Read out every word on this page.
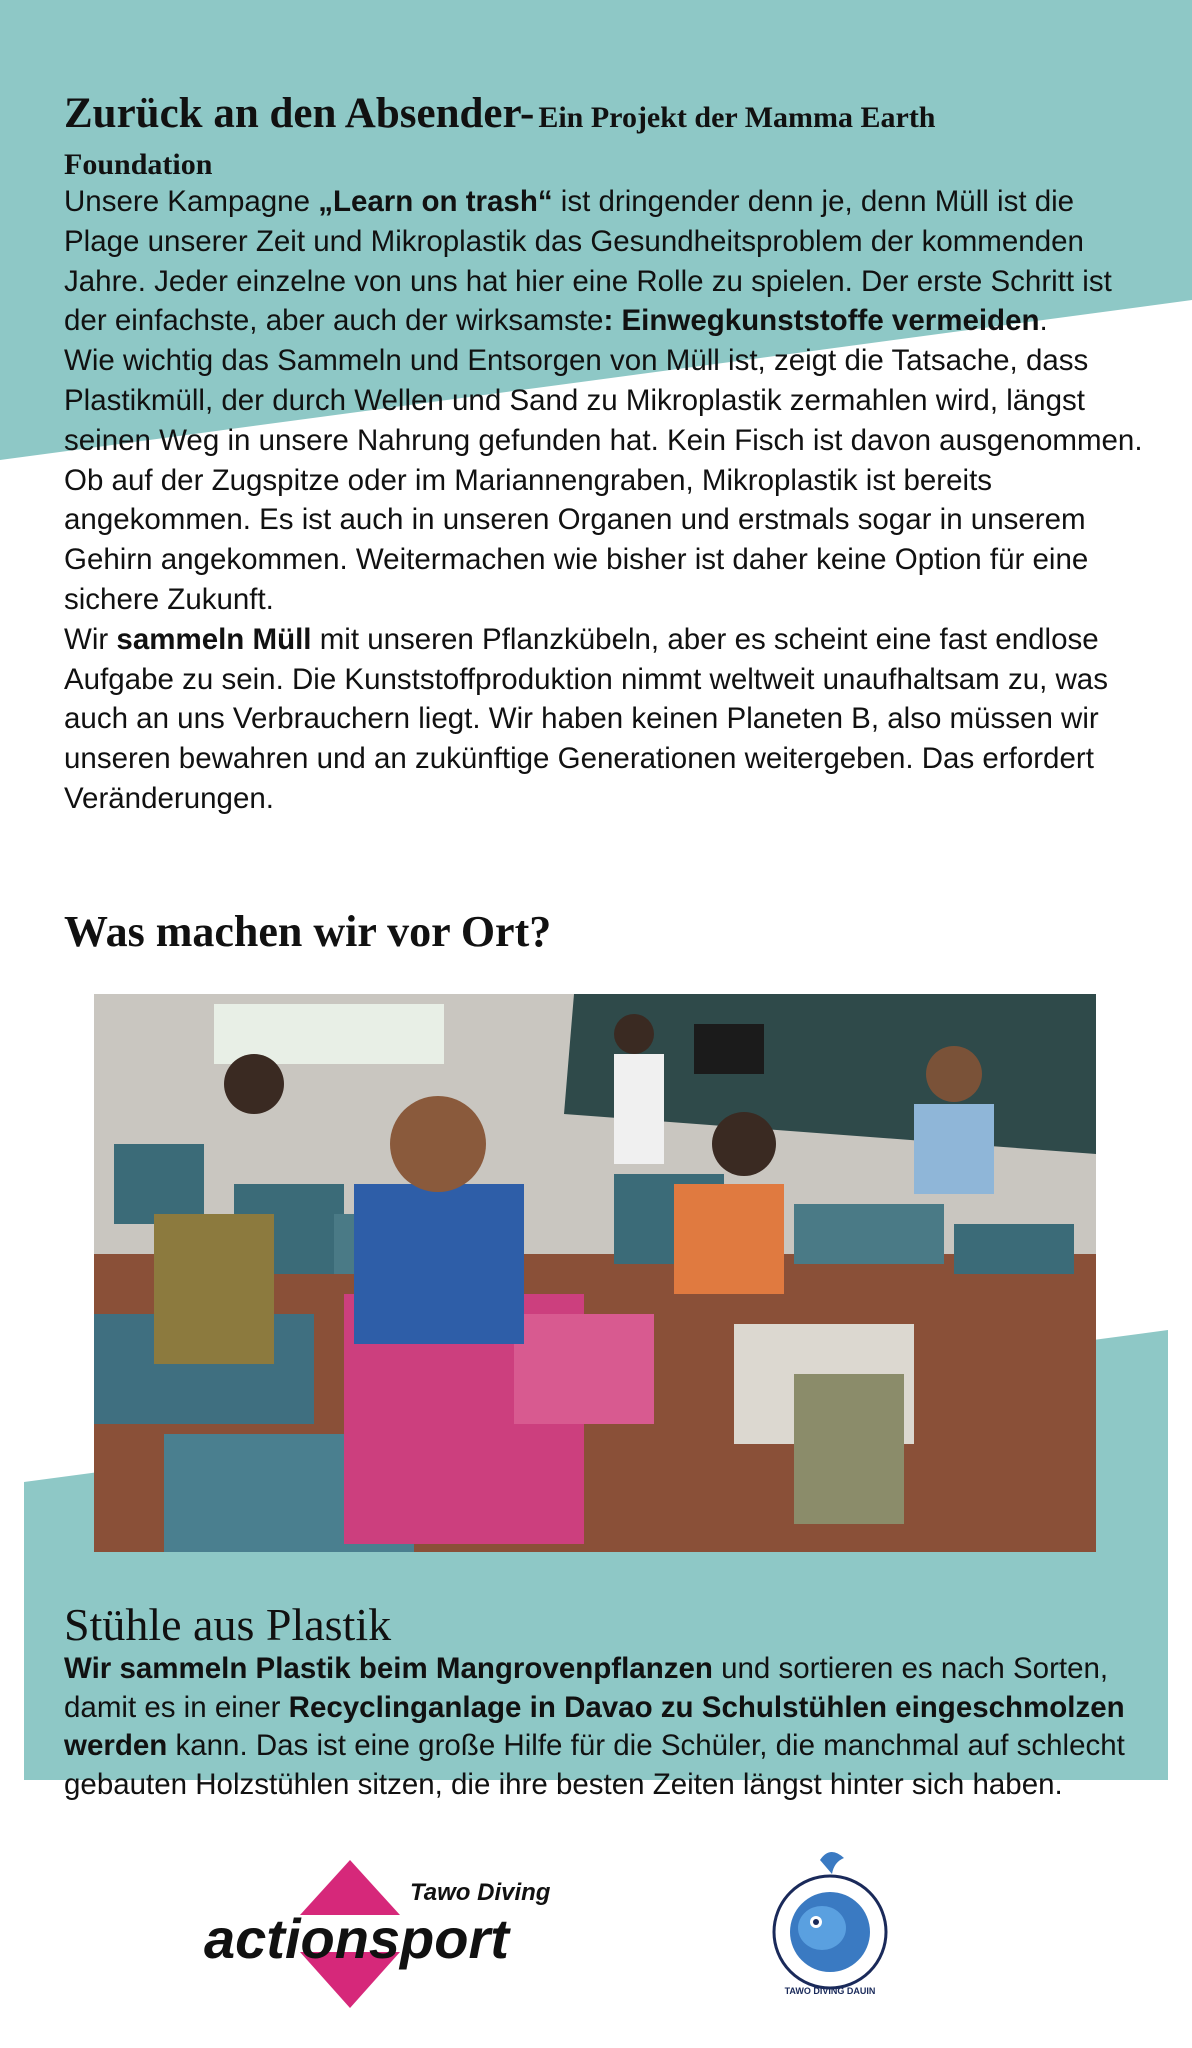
Zurück an den Absender- Ein Projekt der Mamma Earth
Foundation

Unsere Kampagne „Learn on trash“ ist dringender denn je, denn Müll ist die Plage unserer Zeit und Mikroplastik das Gesundheitsproblem der kommenden Jahre. Jeder einzelne von uns hat hier eine Rolle zu spielen. Der erste Schritt ist der einfachste, aber auch der wirksamste: Einwegkunststoffe vermeiden.

Wie wichtig das Sammeln und Entsorgen von Müll ist, zeigt die Tatsache, dass Plastikmüll, der durch Wellen und Sand zu Mikroplastik zermahlen wird, längst seinen Weg in unsere Nahrung gefunden hat. Kein Fisch ist davon ausgenommen. Ob auf der Zugspitze oder im Mariannengraben, Mikroplastik ist bereits angekommen. Es ist auch in unseren Organen und erstmals sogar in unserem Gehirn angekommen. Weitermachen wie bisher ist daher keine Option für eine sichere Zukunft.

Wir sammeln Müll mit unseren Pflanzkübeln, aber es scheint eine fast endlose Aufgabe zu sein. Die Kunststoffproduktion nimmt weltweit unaufhaltsam zu, was auch an uns Verbrauchern liegt. Wir haben keinen Planeten B, also müssen wir unseren bewahren und an zukünftige Generationen weitergeben. Das erfordert Veränderungen.

Was machen wir vor Ort?
Stühle aus Plastik

Wir sammeln Plastik beim Mangrovenpflanzen und sortieren es nach Sorten, damit es in einer Recyclinganlage in Davao zu Schulstühlen eingeschmolzen werden kann. Das ist eine große Hilfe für die Schüler, die manchmal auf schlecht gebauten Holzstühlen sitzen, die ihre besten Zeiten längst hinter sich haben.

Tawo Diving
actionsport
TAWO DIVING DAUIN
